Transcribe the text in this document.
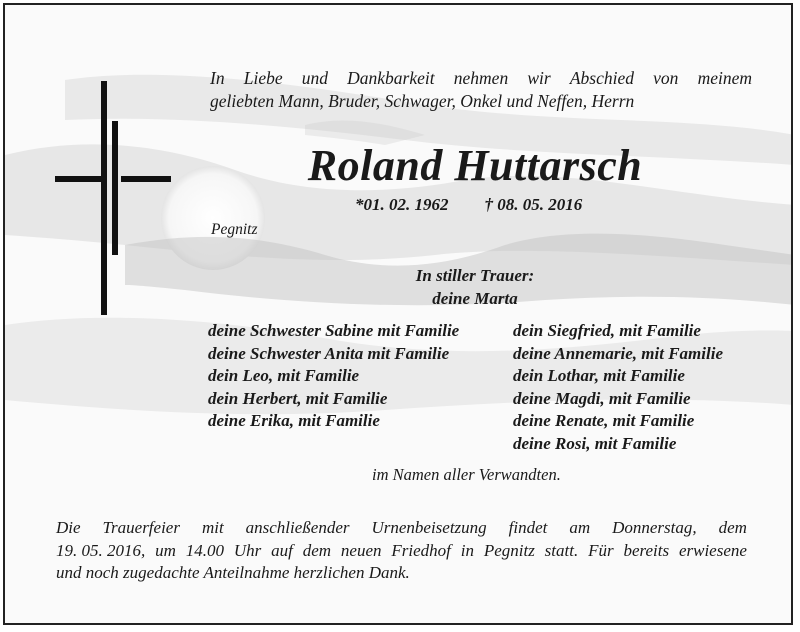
In Liebe und Dankbarkeit nehmen wir Abschied von meinem
geliebten Mann, Bruder, Schwager, Onkel und Neffen, Herrn
Roland Huttarsch
*01. 02. 1962 † 08. 05. 2016
Pegnitz
In stiller Trauer:
deine Marta
deine Schwester Sabine mit Familie
deine Schwester Anita mit Familie
dein Leo, mit Familie
dein Herbert, mit Familie
deine Erika, mit Familie
dein Siegfried, mit Familie
deine Annemarie, mit Familie
dein Lothar, mit Familie
deine Magdi, mit Familie
deine Renate, mit Familie
deine Rosi, mit Familie
im Namen aller Verwandten.
Die Trauerfeier mit anschließender Urnenbeisetzung findet am Donnerstag, dem
19. 05. 2016, um 14.00 Uhr auf dem neuen Friedhof in Pegnitz statt. Für bereits erwiesene
und noch zugedachte Anteilnahme herzlichen Dank.
